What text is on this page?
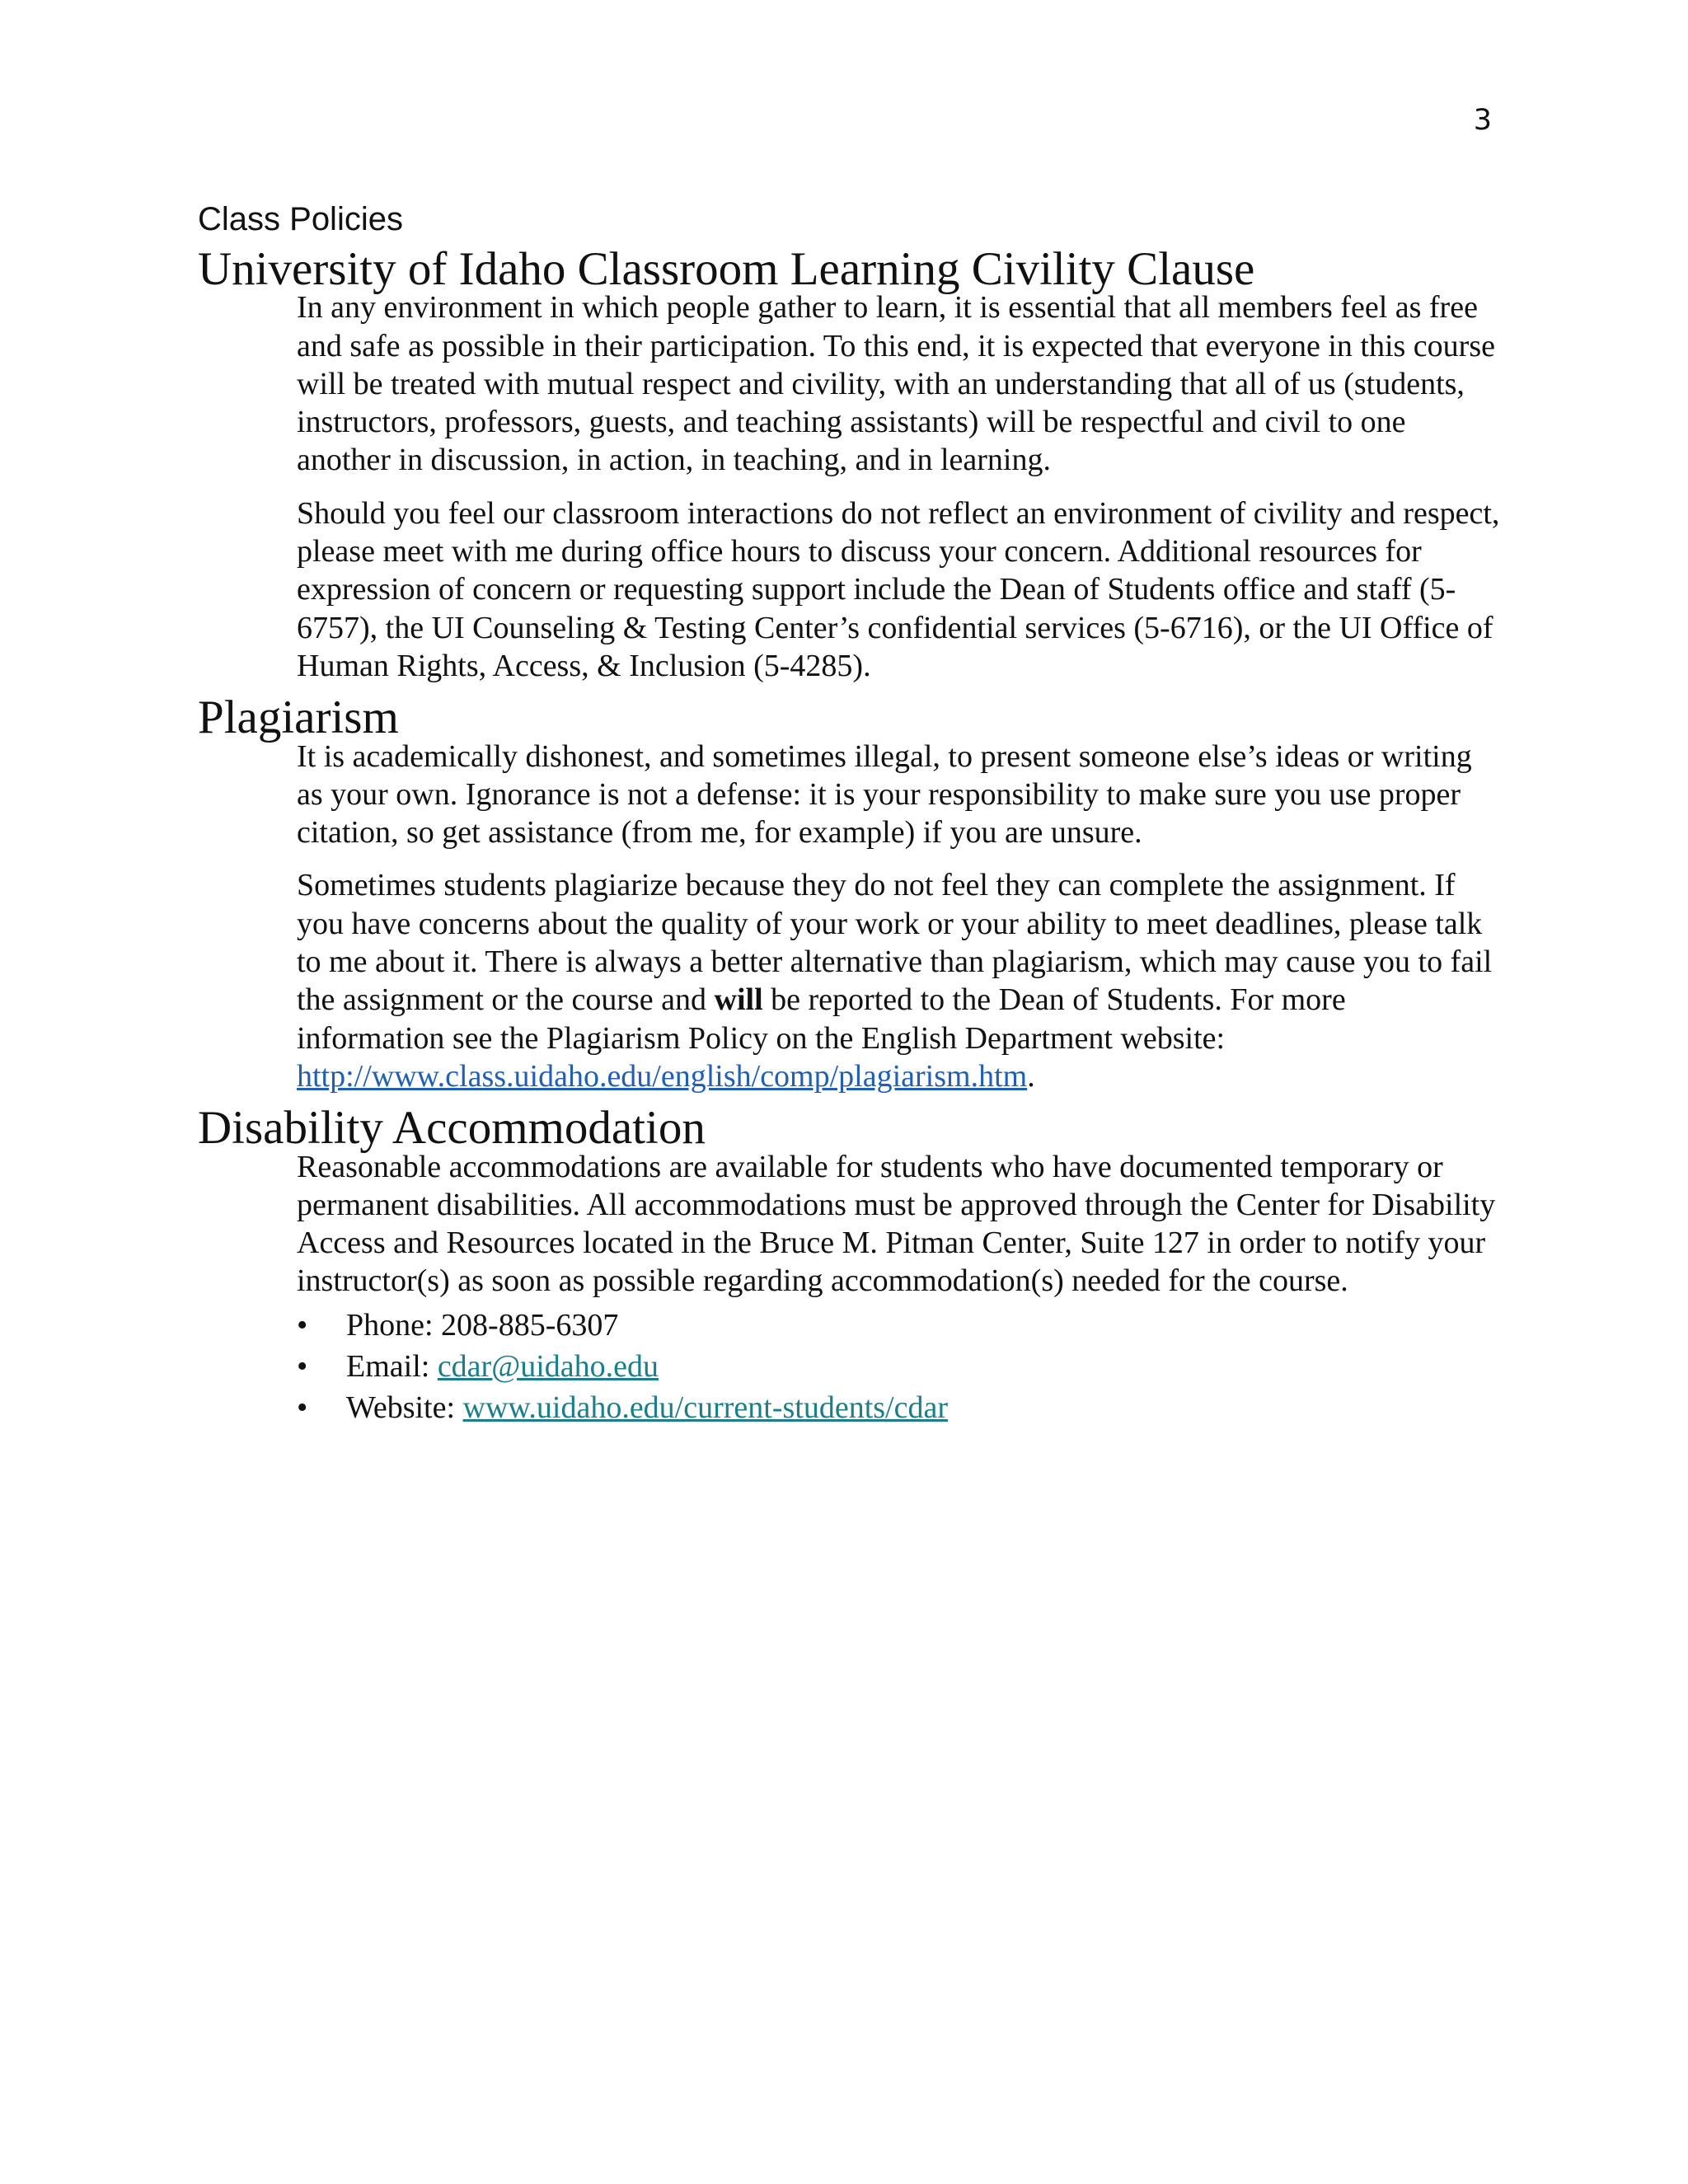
3
Class Policies
University of Idaho Classroom Learning Civility Clause

In any environment in which people gather to learn, it is essential that all members feel as free and safe as possible in their participation. To this end, it is expected that everyone in this course will be treated with mutual respect and civility, with an understanding that all of us (students, instructors, professors, guests, and teaching assistants) will be respectful and civil to one another in discussion, in action, in teaching, and in learning.

Should you feel our classroom interactions do not reflect an environment of civility and respect, please meet with me during office hours to discuss your concern. Additional resources for expression of concern or requesting support include the Dean of Students office and staff (5-6757), the UI Counseling & Testing Center’s confidential services (5-6716), or the UI Office of Human Rights, Access, & Inclusion (5-4285).

Plagiarism

It is academically dishonest, and sometimes illegal, to present someone else’s ideas or writing as your own. Ignorance is not a defense: it is your responsibility to make sure you use proper citation, so get assistance (from me, for example) if you are unsure.

Sometimes students plagiarize because they do not feel they can complete the assignment. If you have concerns about the quality of your work or your ability to meet deadlines, please talk to me about it. There is always a better alternative than plagiarism, which may cause you to fail the assignment or the course and will be reported to the Dean of Students. For more information see the Plagiarism Policy on the English Department website: http://www.class.uidaho.edu/english/comp/plagiarism.htm.

Disability Accommodation

Reasonable accommodations are available for students who have documented temporary or permanent disabilities. All accommodations must be approved through the Center for Disability Access and Resources located in the Bruce M. Pitman Center, Suite 127 in order to notify your instructor(s) as soon as possible regarding accommodation(s) needed for the course.

• Phone: 208-885-6307
• Email: cdar@uidaho.edu
• Website: www.uidaho.edu/current-students/cdar
